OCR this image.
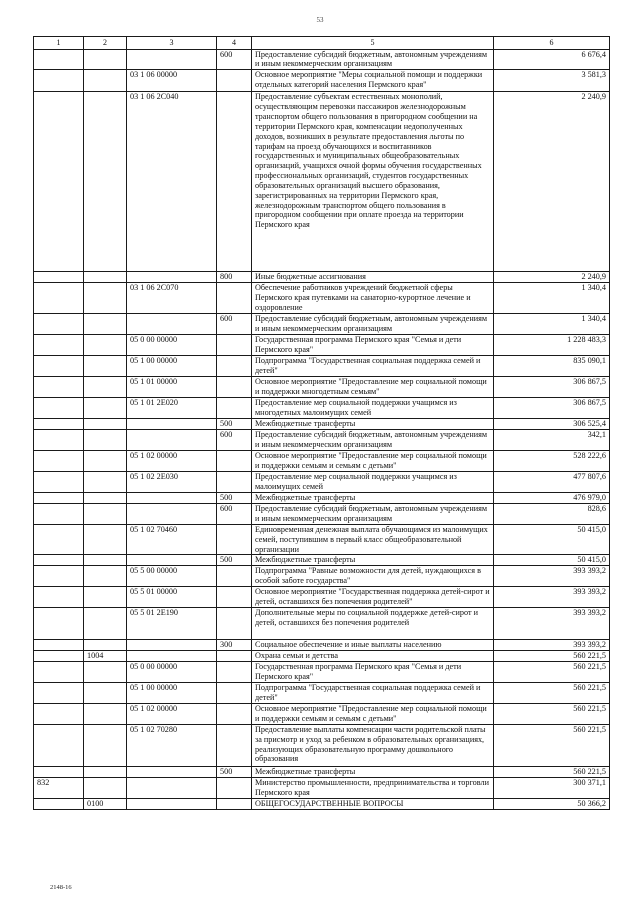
53
1	2	3	4	5	6
			600	Предоставление субсидий бюджетным, автономным учреждениям и иным некоммерческим организациям	6 676,4
		03 1 06 00000		Основное мероприятие "Меры социальной помощи и поддержки отдельных категорий населения Пермского края"	3 581,3
		03 1 06 2С040		Предоставление субъектам естественных монополий, осуществляющим перевозки пассажиров железнодорожным транспортом общего пользования в пригородном сообщении на территории Пермского края, компенсации недополученных доходов, возникших в результате предоставления льготы по тарифам на проезд обучающихся и воспитанников государственных и муниципальных общеобразовательных организаций, учащихся очной формы обучения государственных профессиональных организаций, студентов государственных образовательных организаций высшего образования, зарегистрированных на территории Пермского края, железнодорожным транспортом общего пользования в пригородном сообщении при оплате проезда на территории Пермского края	2 240,9
			800	Иные бюджетные ассигнования	2 240,9
		03 1 06 2С070		Обеспечение работников учреждений бюджетной сферы Пермского края путевками на санаторно-курортное лечение и оздоровление	1 340,4
			600	Предоставление субсидий бюджетным, автономным учреждениям и иным некоммерческим организациям	1 340,4
		05 0 00 00000		Государственная программа Пермского края "Семья и дети Пермского края"	1 228 483,3
		05 1 00 00000		Подпрограмма "Государственная социальная поддержка семей и детей"	835 090,1
		05 1 01 00000		Основное мероприятие "Предоставление мер социальной помощи и поддержки многодетным семьям"	306 867,5
		05 1 01 2Е020		Предоставление мер социальной поддержки учащимся из многодетных малоимущих семей	306 867,5
			500	Межбюджетные трансферты	306 525,4
			600	Предоставление субсидий бюджетным, автономным учреждениям и иным некоммерческим организациям	342,1
		05 1 02 00000		Основное мероприятие "Предоставление мер социальной помощи и поддержки семьям и семьям с детьми"	528 222,6
		05 1 02 2Е030		Предоставление мер социальной поддержки учащимся из малоимущих семей	477 807,6
			500	Межбюджетные трансферты	476 979,0
			600	Предоставление субсидий бюджетным, автономным учреждениям и иным некоммерческим организациям	828,6
		05 1 02 70460		Единовременная денежная выплата обучающимся из малоимущих семей, поступившим в первый класс общеобразовательной организации	50 415,0
			500	Межбюджетные трансферты	50 415,0
		05 5 00 00000		Подпрограмма "Равные возможности для детей, нуждающихся в особой заботе государства"	393 393,2
		05 5 01 00000		Основное мероприятие "Государственная поддержка детей-сирот и детей, оставшихся без попечения родителей"	393 393,2
		05 5 01 2Е190		Дополнительные меры по социальной поддержке детей-сирот и детей, оставшихся без попечения родителей	393 393,2
			300	Социальное обеспечение и иные выплаты населению	393 393,2
	1004			Охрана семьи и детства	560 221,5
		05 0 00 00000		Государственная программа Пермского края "Семья и дети Пермского края"	560 221,5
		05 1 00 00000		Подпрограмма "Государственная социальная поддержка семей и детей"	560 221,5
		05 1 02 00000		Основное мероприятие "Предоставление мер социальной помощи и поддержки семьям и семьям с детьми"	560 221,5
		05 1 02 70280		Предоставление выплаты компенсации части родительской платы за присмотр и уход за ребенком в образовательных организациях, реализующих образовательную программу дошкольного образования	560 221,5
			500	Межбюджетные трансферты	560 221,5
832				Министерство промышленности, предпринимательства и торговли Пермского края	300 371,1
	0100			ОБЩЕГОСУДАРСТВЕННЫЕ ВОПРОСЫ	50 366,2
2148-16
